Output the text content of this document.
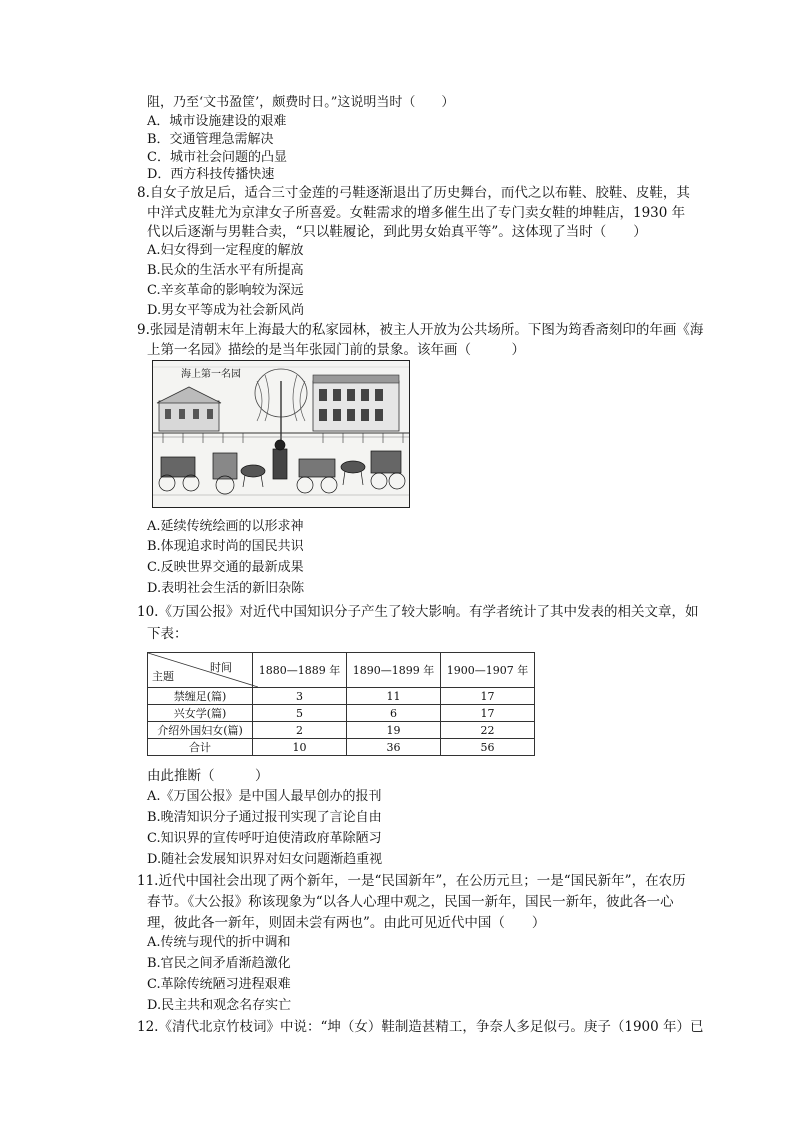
阻，乃至‘文书盈筐’，颇费时日。”这说明当时（　　）
A．城市设施建设的艰难
B．交通管理急需解决
C．城市社会问题的凸显
D．西方科技传播快速
8.自女子放足后，适合三寸金莲的弓鞋逐渐退出了历史舞台，而代之以布鞋、胶鞋、皮鞋，其
中洋式皮鞋尤为京津女子所喜爱。女鞋需求的增多催生出了专门卖女鞋的坤鞋店，1930 年
代以后逐渐与男鞋合卖，“只以鞋履论，到此男女始真平等”。这体现了当时（　　）
A.妇女得到一定程度的解放
B.民众的生活水平有所提高
C.辛亥革命的影响较为深远
D.男女平等成为社会新风尚
9.张园是清朝末年上海最大的私家园林，被主人开放为公共场所。下图为筠香斋刻印的年画《海
上第一名园》描绘的是当年张园门前的景象。该年画（　　　）
海上第一名园
A.延续传统绘画的以形求神
B.体现追求时尚的国民共识
C.反映世界交通的最新成果
D.表明社会生活的新旧杂陈
10.《万国公报》对近代中国知识分子产生了较大影响。有学者统计了其中发表的相关文章，如
下表：
时间
主题	1880—1889 年	1890—1899 年	1900—1907 年
禁缠足(篇)	3	11	17
兴女学(篇)	5	6	17
介绍外国妇女(篇)	2	19	22
合计	10	36	56
由此推断（　　　）
A.《万国公报》是中国人最早创办的报刊
B.晚清知识分子通过报刊实现了言论自由
C.知识界的宣传呼吁迫使清政府革除陋习
D.随社会发展知识界对妇女问题渐趋重视
11.近代中国社会出现了两个新年，一是“民国新年”，在公历元旦；一是“国民新年”，在农历
春节。《大公报》称该现象为“以各人心理中观之，民国一新年，国民一新年，彼此各一心
理，彼此各一新年，则固未尝有两也”。由此可见近代中国（　　）
A.传统与现代的折中调和
B.官民之间矛盾渐趋激化
C.革除传统陋习进程艰难
D.民主共和观念名存实亡
12.《清代北京竹枝词》中说：“坤（女）鞋制造甚精工，争奈人多足似弓。庚子（1900 年）已
